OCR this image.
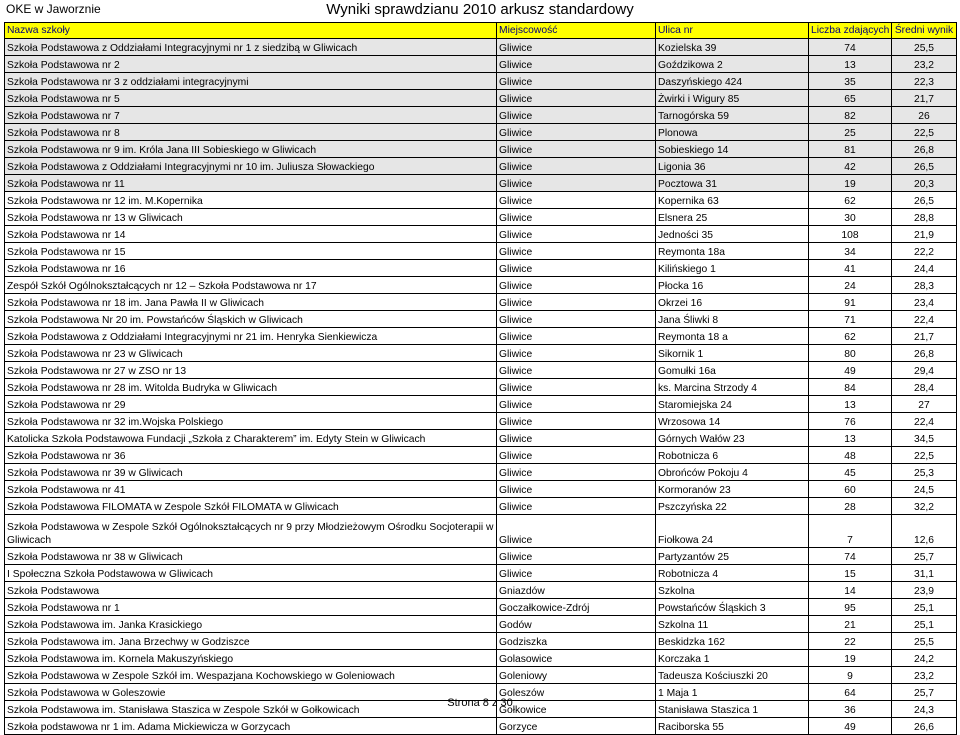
OKE w Jaworznie	Wyniki sprawdzianu 2010 arkusz standardowy
Nazwa szkoły	Miejscowość	Ulica nr	Liczba zdających	Średni wynik
Szkoła Podstawowa z Oddziałami Integracyjnymi nr 1 z siedzibą w Gliwicach	Gliwice	Kozielska 39	74	25,5
Szkoła Podstawowa nr 2	Gliwice	Goździkowa 2	13	23,2
Szkoła Podstawowa nr 3 z oddziałami integracyjnymi	Gliwice	Daszyńskiego 424	35	22,3
Szkoła Podstawowa nr 5	Gliwice	Żwirki i Wigury 85	65	21,7
Szkoła Podstawowa nr 7	Gliwice	Tarnogórska 59	82	26
Szkoła Podstawowa nr 8	Gliwice	Plonowa	25	22,5
Szkoła Podstawowa nr 9 im. Króla Jana III Sobieskiego w Gliwicach	Gliwice	Sobieskiego 14	81	26,8
Szkoła Podstawowa z Oddziałami Integracyjnymi nr 10 im. Juliusza Słowackiego	Gliwice	Ligonia 36	42	26,5
Szkoła Podstawowa nr 11	Gliwice	Pocztowa 31	19	20,3
Szkoła Podstawowa nr 12 im. M.Kopernika	Gliwice	Kopernika 63	62	26,5
Szkoła Podstawowa nr 13 w Gliwicach	Gliwice	Elsnera 25	30	28,8
Szkoła Podstawowa nr 14	Gliwice	Jedności 35	108	21,9
Szkoła Podstawowa nr 15	Gliwice	Reymonta 18a	34	22,2
Szkoła Podstawowa nr 16	Gliwice	Kilińskiego 1	41	24,4
Zespół Szkół Ogólnokształcących nr 12 – Szkoła Podstawowa nr 17	Gliwice	Płocka 16	24	28,3
Szkoła Podstawowa nr 18 im. Jana Pawła II w Gliwicach	Gliwice	Okrzei 16	91	23,4
Szkoła Podstawowa Nr 20 im. Powstańców Śląskich w Gliwicach	Gliwice	Jana Śliwki 8	71	22,4
Szkoła Podstawowa z Oddziałami Integracyjnymi nr 21 im. Henryka Sienkiewicza	Gliwice	Reymonta 18 a	62	21,7
Szkoła Podstawowa nr 23 w Gliwicach	Gliwice	Sikornik 1	80	26,8
Szkoła Podstawowa nr 27 w ZSO nr 13	Gliwice	Gomułki 16a	49	29,4
Szkoła Podstawowa nr 28 im. Witolda Budryka w Gliwicach	Gliwice	ks. Marcina Strzody 4	84	28,4
Szkoła Podstawowa nr 29	Gliwice	Staromiejska 24	13	27
Szkoła Podstawowa nr 32 im.Wojska Polskiego	Gliwice	Wrzosowa 14	76	22,4
Katolicka Szkoła Podstawowa Fundacji „Szkoła z Charakterem” im. Edyty Stein w Gliwicach	Gliwice	Górnych Wałów 23	13	34,5
Szkoła Podstawowa nr 36	Gliwice	Robotnicza 6	48	22,5
Szkoła Podstawowa nr 39 w Gliwicach	Gliwice	Obrońców Pokoju 4	45	25,3
Szkoła Podstawowa nr 41	Gliwice	Kormoranów 23	60	24,5
Szkoła Podstawowa FILOMATA w Zespole Szkół FILOMATA w Gliwicach	Gliwice	Pszczyńska 22	28	32,2
Szkoła Podstawowa w Zespole Szkół Ogólnokształcących nr 9 przy Młodzieżowym Ośrodku Socjoterapii w Gliwicach	Gliwice	Fiołkowa 24	7	12,6
Szkoła Podstawowa nr 38 w Gliwicach	Gliwice	Partyzantów 25	74	25,7
I Społeczna Szkoła Podstawowa w Gliwicach	Gliwice	Robotnicza 4	15	31,1
Szkoła Podstawowa	Gniazdów	Szkolna	14	23,9
Szkoła Podstawowa nr 1	Goczałkowice-Zdrój	Powstańców Śląskich 3	95	25,1
Szkoła Podstawowa im. Janka Krasickiego	Godów	Szkolna 11	21	25,1
Szkoła Podstawowa im. Jana Brzechwy w Godziszce	Godziszka	Beskidzka 162	22	25,5
Szkoła Podstawowa im. Kornela Makuszyńskiego	Golasowice	Korczaka 1	19	24,2
Szkoła Podstawowa w Zespole Szkół im. Wespazjana Kochowskiego w Goleniowach	Goleniowy	Tadeusza Kościuszki 20	9	23,2
Szkoła Podstawowa w Goleszowie	Goleszów	1 Maja 1	64	25,7
Szkoła Podstawowa im. Stanisława Staszica w Zespole Szkół w Gołkowicach	Gołkowice	Stanisława Staszica 1	36	24,3
Szkoła podstawowa nr 1 im. Adama Mickiewicza w Gorzycach	Gorzyce	Raciborska 55	49	26,6
Strona 8 z 30
